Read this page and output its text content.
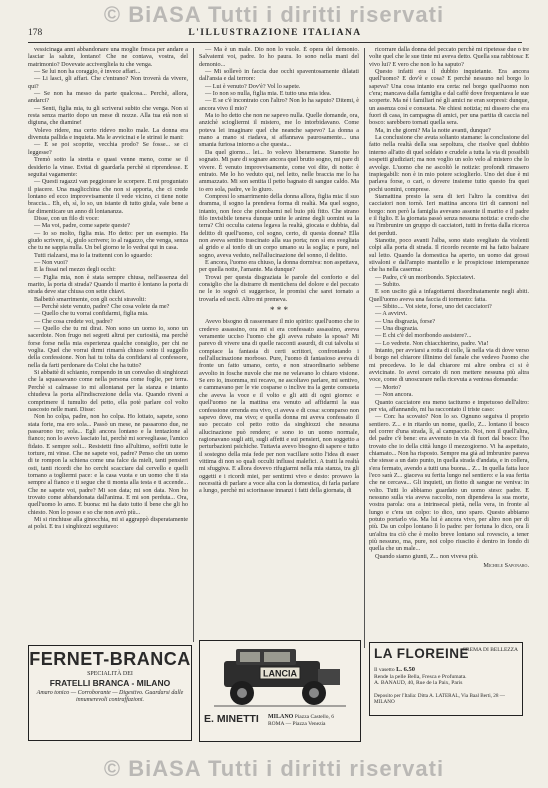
© BiASA Tutti i diritti riservati
178	L'ILLUSTRAZIONE ITALIANA

vessicinaga anni abbandonare una moglie fresca per andare a lasciar la salute, lontano! Che ne contava, vostra, del matrimonio? Dovevate accivergliela tu che venga.

— Se lui non ha coraggio, è invece affari...

— Li lasci, gli affari. Che c'entrano? Non troverà da vivere, qui?

— Se non ha messo da parte qualcosa... Perchè, allora, andarci?

— Senti, figlia mia, tu gli scriverai subito che venga. Non si resta senza marito dopo un mese di nozze. Alla tua età non si digiuna, che diamine!

Volevo ridere, ma certo ridevo molto male. La donna era divenuta pallida e inquieta. Ma le avvicinai e le strinsi le mani:

— E se poi scoprite, vecchia prodo? Se fosse... se ci leggesse?

Tremò sotto la stretta e quasi venne meno, come se il desiderio la vinse. Evitai di guardarla perchè si riprendesse. E seguitai vagamente:

— Questi ragazzi van peggiorare le scorpere. E mi proguntato il piacere. Una maglicchina che non si apporta, che ci crede lontano ed ecco improvvisamente il vede vicino, ci tiene notte braccia... Eh, eh, sì, lo so, un istante di tutto giula, vale bene a far dimenticare un anno di lontananza.

Disse, con un filo di voce:

— Ma voi, padre, come sapete queste?

— Io so molto, figlia mia. Ho detto: per un esempio. Ha giudo scrivere, sì, giulo scrivere; io al ragazzo, che venga, senza che tu ne sappia nulla. Un bel giorno te lo vedrai qui in casa.

Tutti rialzarsi, ma io la trattenni con lo sguardo:

— Non vuoi?

E la fissai nel mezzo degli occhi:

— Figlia mia, non è stata sempre chiusa, nell'assenza del marito, la porta di strada? Quando il marito è lontano la porta di strada deve star chiusa con sette chiavi.

Balbettò smarrimente, con gli occhi stravolti:

— Perchè siete venuto, padre? Che cosa volete da me?

— Quello che tu vorrai confidarmi, figlia mia.

— Che cosa credete voi, padre?

— Quello che tu mi dirai. Non sono un uomo io, sono un sacerdote. Non frugo nei segreti altrui per curiosità, ma perchè forse forse nella mia esperienza qualche consiglio, per chi ne voglia. Quel che vorrai dirmi rimarrà chiuso sotto il suggello della confessione. Non hai tu tolta da confidarsi al confessore, nella da farti perdonare da Colui che ha tutto?

Si abbattè di schianto, rompendo in un convulso di singhiozzi che la squassavano come nella persona come foglie, per terra. Perchè si calmasse io mi allontanai per la stanza e intanto chiudeva la porta all'indiscrezione della via. Quando rivenì a comprimere il tumulto del petto, ella potè parlare col volto nascosto nelle mani. Disse:

Non ho colpa, padre, non ho colpa. Ho lottato, sapete, sono stata forte, ma ero sola... Passò un mese, ne passarono due, ne passarono tre; sola... Egli ancora lontano e la tentazione al fianco; non lo avevo lasciato lui, perchè mi sorvegliasse, l'amico fidato. E sempre soli... Resistetti fino all'ultimo, soffrii tutte le torture, mi vinse. Che ne sapete voi, padre? Penso che un uomo di te rompon la schiena come una falce da mieli, tanti pensieri osti, tanti ricordi che ho cerchi scacciare dal cervello e quelli tornano a togliermi pace: e la casa vuota e un uomo che ti sta sempre al fianco e ti segue che ti monta alla testa e ti accende... Che ne sapete voi, padre? Mi son data; mi son data. Non ho trovato come abbandonata dall'anima. E mi son perduta... Ora, quell'uomo lo amo. E buona: mi ha dato tutto il bene che gli ho chiesto. Non lo posso e so che non avrò più...

Mi si rinchiuse alla ginocchia, mi si aggrappò disperatamente ai polsi. E tra i singhiozzi seguitavo:

— Ma è un male. Dio non lo vuole. È opera del demonio. Salvatemi voi, padre. Io ho paura. Io sono nella mani del demonio...

— Mi sollevò in faccia due occhi spaventosamente dilatati dall'ansia e dal terrore:

— Lui è venuto? Dov'è? Vol lo sapete.

— Io non so nulla, figlia mia. E tutto una mia idea.

— E se c'è incontrato con l'altro? Non lo ha saputo? Ditemi, è ancora vivo il mio?

Ma io ho detto che non ne sapevo nulla. Quelle domande, ora, anzichè sciogliermi il mistero, me lo intorbidavano. Come poteva lei imaginare quel che neanche sapevo? La donna a mano a mano si riadava, si affannava paurosamente... una smania furiosa intorno a che questa...

Da quel giorno... lei... Io volevo liberarmene. Stanotte ho sognato. Mi pare di sognare ancora quel brutto sogno, mi pare di vivere. È venuto improvvisamente, come voi dite, di notte: è entrato. Me lo ho veduto qui, nel letto, nelle braccia me lo ha ammazzato. Mi son sentita il petto bagnato di sangue caldo. Ma io ero sola, padre, ve lo giuro.

Compresi lo smarrimento della donna allora, figlia mia: il suo dramma, il sogno la prendeva forma di realtà. Ma quel sogno, intanto, non fece che piombarmi nel buio più fitto. Che strano filo invisibile teneva dunque unite le anime degli uomini su la terra? Chi occulta catena legava la realtà, giocata e dubbia, dal delitto di quell'uomo, col sogno, certo, di questa donna? Ella non aveva sentito trascinato alla sua porta; non sì era svegliata al grido e al tonfo di un corpo umano su la soglia; e pure, nel sogno, aveva veduto, nell'allucinazione del sonno, il delitto.

E ancora, l'uomo era chiuso, la donna dormiva: non aspettava, per quella notte, l'amante. Ma dunque?

Trovai per questa disgraziata le parole del conforto e del consiglio che la distrarre di mentichera del dolore e del peccato ne le io sognò ci suggerisce, le promisi che sarei tornato a trovarla ed uscii. Altro mi premeva.

* * *

Avevo bisogno di rasserenare il mio spirito: quell'uomo che io credevo assassino, ora mi si era confessato assassino, aveva veramente ucciso l'uomo che gli aveva rubato la sposa? Mi parevo di vivere una di quelle racconti assurdi, di cui talvolta si compiace la fantasia di certi scrittori, confrontando i nell'allucinazione morboso. Pure, l'uomo di fantasioso aveva di fronte un fatto umano, certo, e non straordinario sebbene avvolto in fosche nuvole che me ne velavano lo chiaro visione. Se ero io, insomma, mi recavo, ne ascoltavo parlare, mi sentivo, e cammavano per le vie cosparse o inclive tra la gente consueta che aveva la voce e il volto e gli atti di ogni giorno: e quell'uomo ne la mattina era venuto ad affidarmi la sua confessione orrenda era vivo, ci aveva e di cosa: scomparso non sapevo dove, ma vivo; e quella donna mi aveva confessato il suo peccato col petto rotto da singhiozzi che nessuna allucinazione può rendere; e sono io un uomo normale, ragionavano sugli atti, sugli affetti e sui pensieri, non soggetto a perturbazioni psichiche. Tuttavia avevo bisogno di sapere e tutto il sostegno della mia fede per non vacillare sotto l'idea di esser vittima di non so quali occulti influssi malefici. A tratti la realtà mi sfuggiva. E allora dovevo rifugiarmi nella mia stanza, tra gli oggetti e i ricordi miei, per sentirmi vivo e desto: provavo la necessità di parlare a voce alta con la domestica, di farla parlare a lungo, perchè mi sciorinasse innanzi i fatti della giornata, di

ricorrare dalla donna del peccato perchè mi ripetesse due o tre volte quel che le sue tinte mi aveva detto. Quella sua rabbiosa: E vivo lui? E vero che non lo ha saputo?

Questo infatti era il dubbio inquietante. Era ancora quell'uomo? E dov'è e cosa? E perchè nessuno nel borgo lo sapeva? Una cosa intanto era certa: nel borgo quell'uomo non c'era; mancava dalla famiglia e dal caffè dove frequentava le sue scoperte. Ma né i familiari né gli amici ne eran sorpresi: dunque, un assenza così e consueta. Ne chiesi notizia; mi dissero che era fuori di casa, in campagna di amici, per una partita di caccia nel bosco: sarebbero tornati quella sera.

Ma, in che giorni? Ma la notte avanti, dunque?

La conclusione che avuta soltanto stamane: la conclusione del fatto nella realtà della sua sepoltura, che risolve quel dubbio interno all'atto di quel soldato e crudele a tutta la via di possibili sospetti giudiziari; ma non voglio un solo velo al mistero che lo avvolge. L'uomo che ne ascoltò le notizie: profondi rimasero inspiegabili: non è in mio potere scioglierlo. Uno dei due è mi parlava forse, o cari, o dovere insieme tutto questo fra quei pochi uomini, comprese.

Stamattina presto la sera di ieri l'altro la comitiva dei cacciatori non tornò. Ieri mattina ancora tiri di cannoni nel borgo: non però la famiglia avevano assente il marito e il padre e il figlio. E la giornata passò senza nessuna notizia: e credo che su l'imbrunire un gruppo di cacciatori, tutti in fretta dalla ricerca dei perduti.

Stanotte, poco avanti l'alba, sono stato svegliato da violenti colpi alla porta di strada. Il ricordo recente mi ha fatto balzare sul letto. Quando la domestica ha aperto, un uomo dai grossi stivaloni e dall'ampio mantello e le prospiciose intemperanze che ha nella caserma:

— Padre, c'è un moribondo. Spicciatevi.

— Subito.

E son uscito già a infagottarmi disordinatamente negli abiti. Quell'uomo aveva una faccia di tormento: fatta.

— Sibito.... Voi siete, forse, uno dei cacciatori?

— A avvirvi.

— Una disgrazia, forse?

— Una disgrazia.

— E chi c'è del moribondo assistere?...

— Lo vedrete. Non chiacchierino, padre. Via!

Intanto, per avviarsi a rotta di colle, là nella via di dove verso il borgo nel chiarore illinimo del fanale che vedevo l'uomo che mi precedeva. Io le dal chiarore mi altre ombra ci si è avvicinate. Io avrei cercato di non mettere nessuna più altra voce, come di unoscurare nella ricevuta a ventosa domanda:

— Morto?

— Non ancora.

Quanto cacciatore era meno taciturno e impetuoso dell'altro: per via, affannando, mi ha raccontato il triste caso:

— Con: ha scovato? Non lo so. Ognuno seguiva il proprio sentiero. Z... e in ritardo un nome, quello, Z... lontano il bosco nel correr d'una strada, lì, al campaccio. Noi, non il quell'altra, del padre c'è bene: era avvenuto in via di fuori dal bosco: l'ho trovato che io della città lungo il mezzogiorno. Vi ha aspettato, chiamato... Non ha risposto. Sempre ma già ad imbrunire pareva che stesse a un dato punto, in quella strada d'andata, e in collera, s'era fermato, avendo a tutti una buona... Z... In quella fatta luce l'eco sarà Z... giaceva su ferita lungo nel sentiero: e la sua ferita che ne cercava... Gli inquieti, un fiotto di sangue ne veniva: in volto. Tutti lo abbiamo guardato un uomo steso: padre. E nessuno sulla via aveva raccolto, non dipendeva la sua morte, vostra parola: ora a intrinsecal pietà, nella vera, in fronte al lungo e c'era un colpo: io dico, uno sparo. Questo abbiamo potuto portarlo via. Ma lui è ancora vivo, per altro non per di più. Da un colpo lontano lì lo padre: per fortuna lo dico, ora lì un'altra tra ciò che è molto breve lontano sul rovescio, a tener più nessuno, ma, pure, noi colpo riuscito è dentro in fondo di quella che un male...

Quando siamo giunti, Z... non viveva più.

Michele Saponaro.
FERNET-BRANCA
SPECIALITÀ DEI
FRATELLI BRANCA - MILANO
Amaro tonico — Corroborante — Digestivo. Guardarsi dalle innumerevoli contraffazioni.
LANCIA
E. MINETTI MILANO Piazza Castello, 6
ROMA — Piazza Venezia
LA FLOREINE
CREMA DI BELLEZZA
Il vasetto L. 6.50
Rende la pelle Bella, Fresca e Profumata.
A. BANAUD, 40, Rue de la Paix, Paris
Deposito per l'Italia: Ditta A. LATERAL, Via Baal Berti, 28 — MILANO
© BiASA Tutti i diritti riservati
